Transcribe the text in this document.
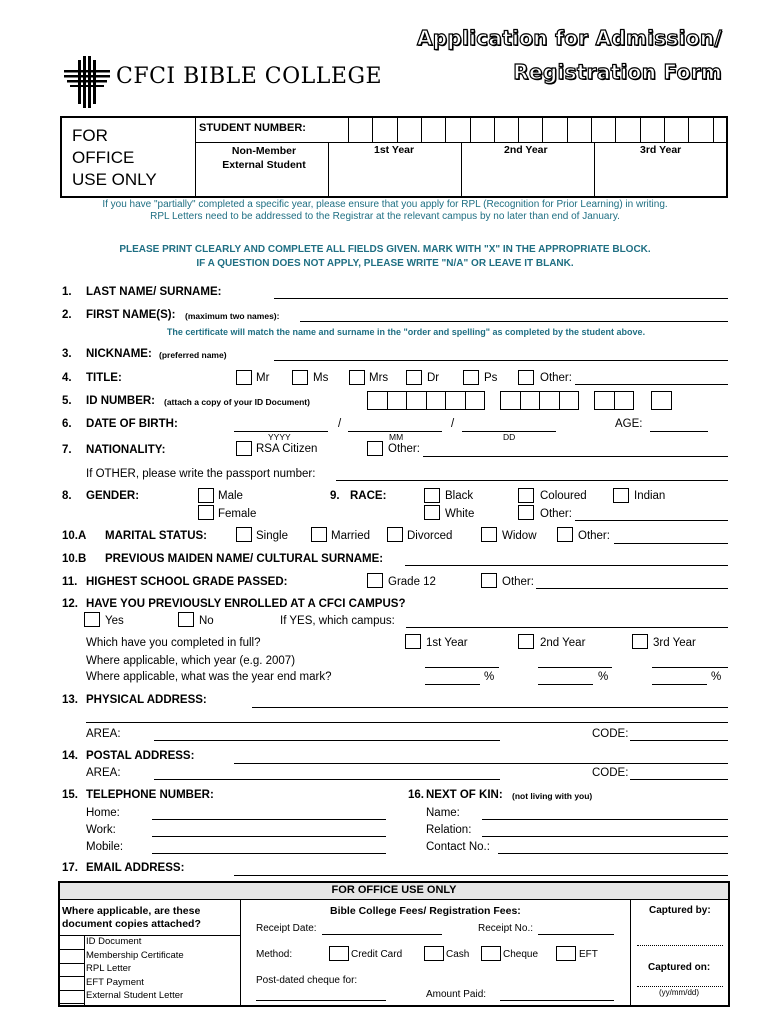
CFCI BIBLE COLLEGE
Application for Admission/
Registration Form
FOR
OFFICE
USE ONLY
STUDENT NUMBER:
Non-Member
External Student
1st Year	2nd Year	3rd Year
If you have "partially" completed a specific year, please ensure that you apply for RPL (Recognition for Prior Learning) in writing.
RPL Letters need to be addressed to the Registrar at the relevant campus by no later than end of January.
PLEASE PRINT CLEARLY AND COMPLETE ALL FIELDS GIVEN. MARK WITH "X" IN THE APPROPRIATE BLOCK.
IF A QUESTION DOES NOT APPLY, PLEASE WRITE "N/A" OR LEAVE IT BLANK.
1. LAST NAME/ SURNAME:
2. FIRST NAME(S): (maximum two names):
The certificate will match the name and surname in the "order and spelling" as completed by the student above.
3. NICKNAME: (preferred name)
4. TITLE:	Mr	Ms	Mrs	Dr	Ps	Other:
5. ID NUMBER: (attach a copy of your ID Document)
6. DATE OF BIRTH:	/	/
YYYY	MM	DD
AGE:
7. NATIONALITY:	RSA Citizen	Other:
If OTHER, please write the passport number:
8. GENDER:	Male
Female
9. RACE:	Black
White
Coloured	Indian
Other:
10.A MARITAL STATUS:	Single	Married	Divorced	Widow	Other:
10.B PREVIOUS MAIDEN NAME/ CULTURAL SURNAME:
11. HIGHEST SCHOOL GRADE PASSED:	Grade 12	Other:
12. HAVE YOU PREVIOUSLY ENROLLED AT A CFCI CAMPUS?
Yes	No	If YES, which campus:
Which have you completed in full?	1st Year	2nd Year	3rd Year
Where applicable, which year (e.g. 2007)
Where applicable, what was the year end mark?	%	%	%
13. PHYSICAL ADDRESS:
AREA:	CODE:
14. POSTAL ADDRESS:
AREA:	CODE:
15. TELEPHONE NUMBER:
Home:
Work:
Mobile:
16. NEXT OF KIN: (not living with you)
Name:
Relation:
Contact No.:
17. EMAIL ADDRESS:
FOR OFFICE USE ONLY
Where applicable, are these
document copies attached?
ID Document
Membership Certificate
RPL Letter
EFT Payment
External Student Letter
Bible College Fees/ Registration Fees:
Receipt Date:	Receipt No.:
Method:	Credit Card	Cash	Cheque	EFT
Post-dated cheque for:
Amount Paid:
Captured by:
Captured on:
(yy/mm/dd)
